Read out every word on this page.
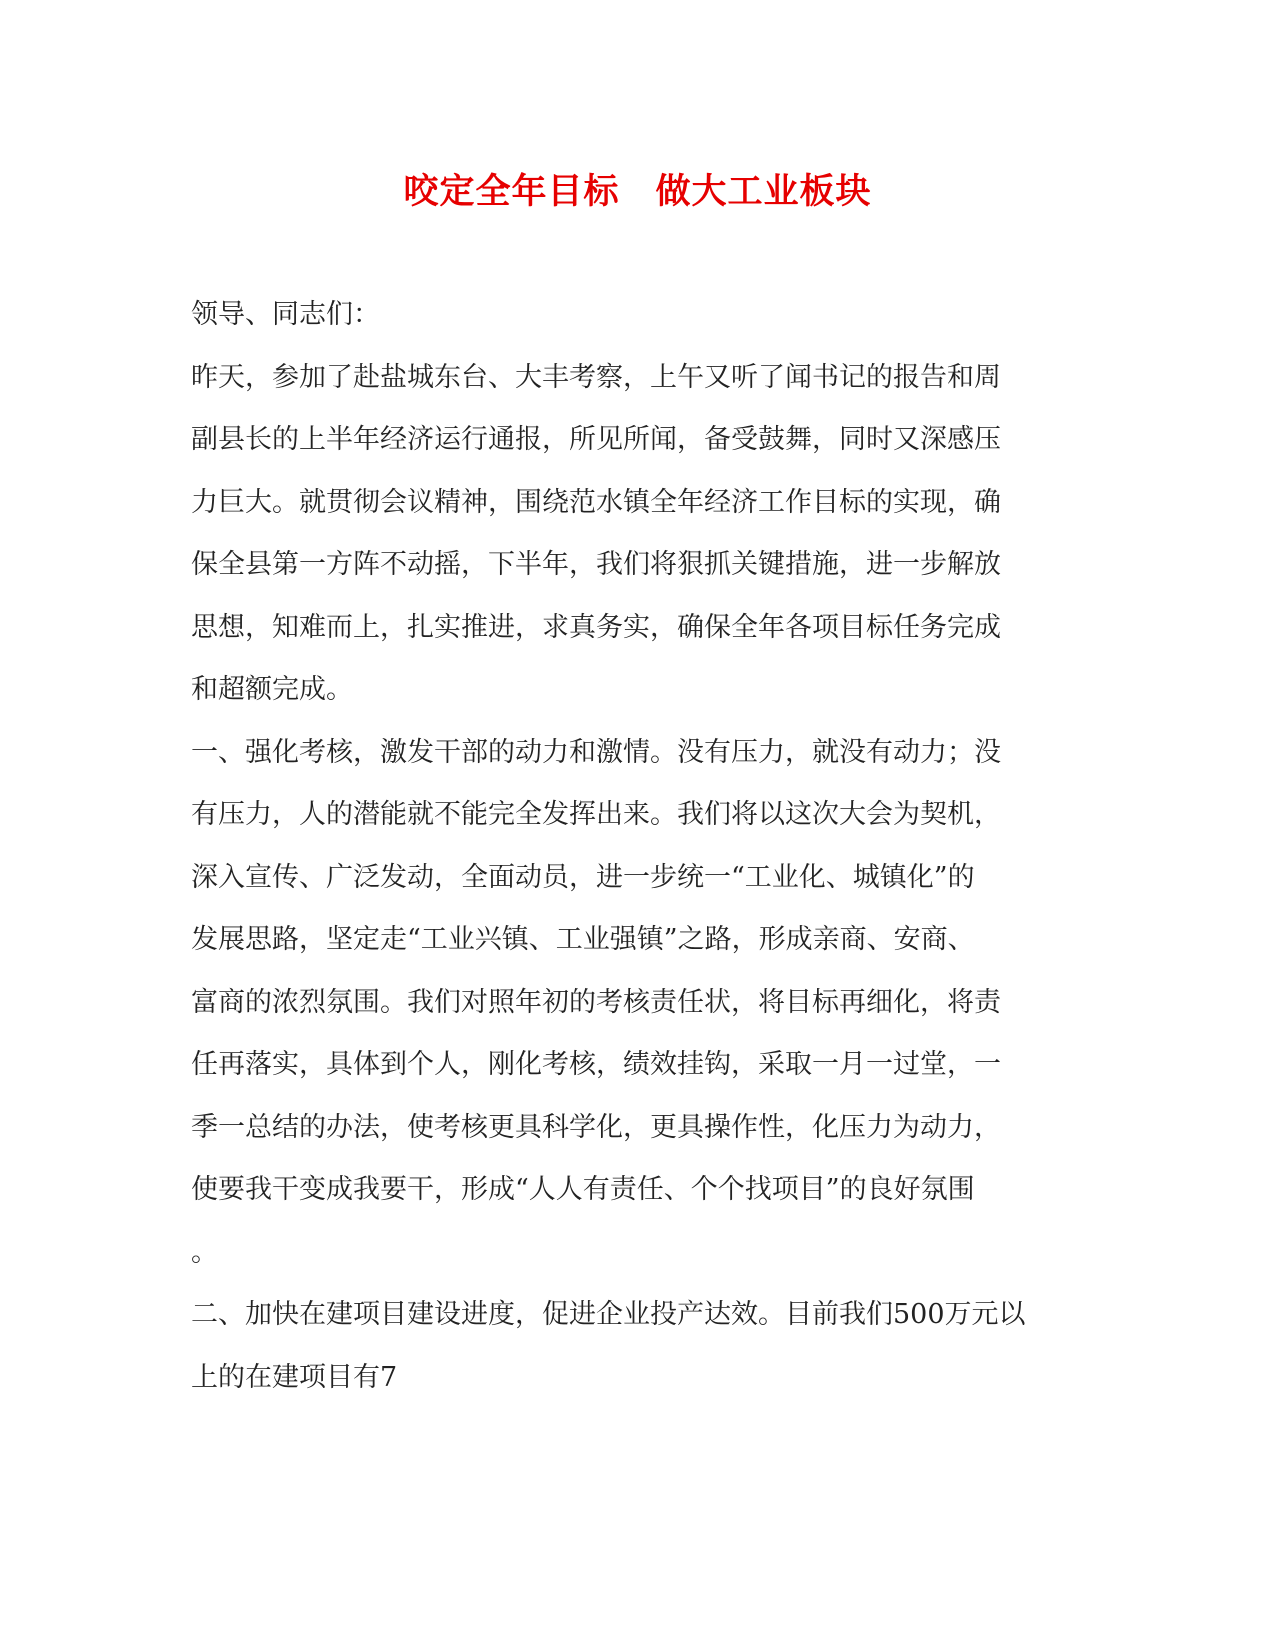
咬定全年目标　做大工业板块

领导、同志们：

昨天，参加了赴盐城东台、大丰考察，上午又听了闻书记的报告和周
副县长的上半年经济运行通报，所见所闻，备受鼓舞，同时又深感压
力巨大。就贯彻会议精神，围绕范水镇全年经济工作目标的实现，确
保全县第一方阵不动摇，下半年，我们将狠抓关键措施，进一步解放
思想，知难而上，扎实推进，求真务实，确保全年各项目标任务完成
和超额完成。

一、强化考核，激发干部的动力和激情。没有压力，就没有动力；没
有压力，人的潜能就不能完全发挥出来。我们将以这次大会为契机，
深入宣传、广泛发动，全面动员，进一步统一“工业化、城镇化”的
发展思路，坚定走“工业兴镇、工业强镇”之路，形成亲商、安商、
富商的浓烈氛围。我们对照年初的考核责任状，将目标再细化，将责
任再落实，具体到个人，刚化考核，绩效挂钩，采取一月一过堂，一
季一总结的办法，使考核更具科学化，更具操作性，化压力为动力，
使要我干变成我要干，形成“人人有责任、个个找项目”的良好氛围
。

二、加快在建项目建设进度，促进企业投产达效。目前我们500万元以
上的在建项目有7
